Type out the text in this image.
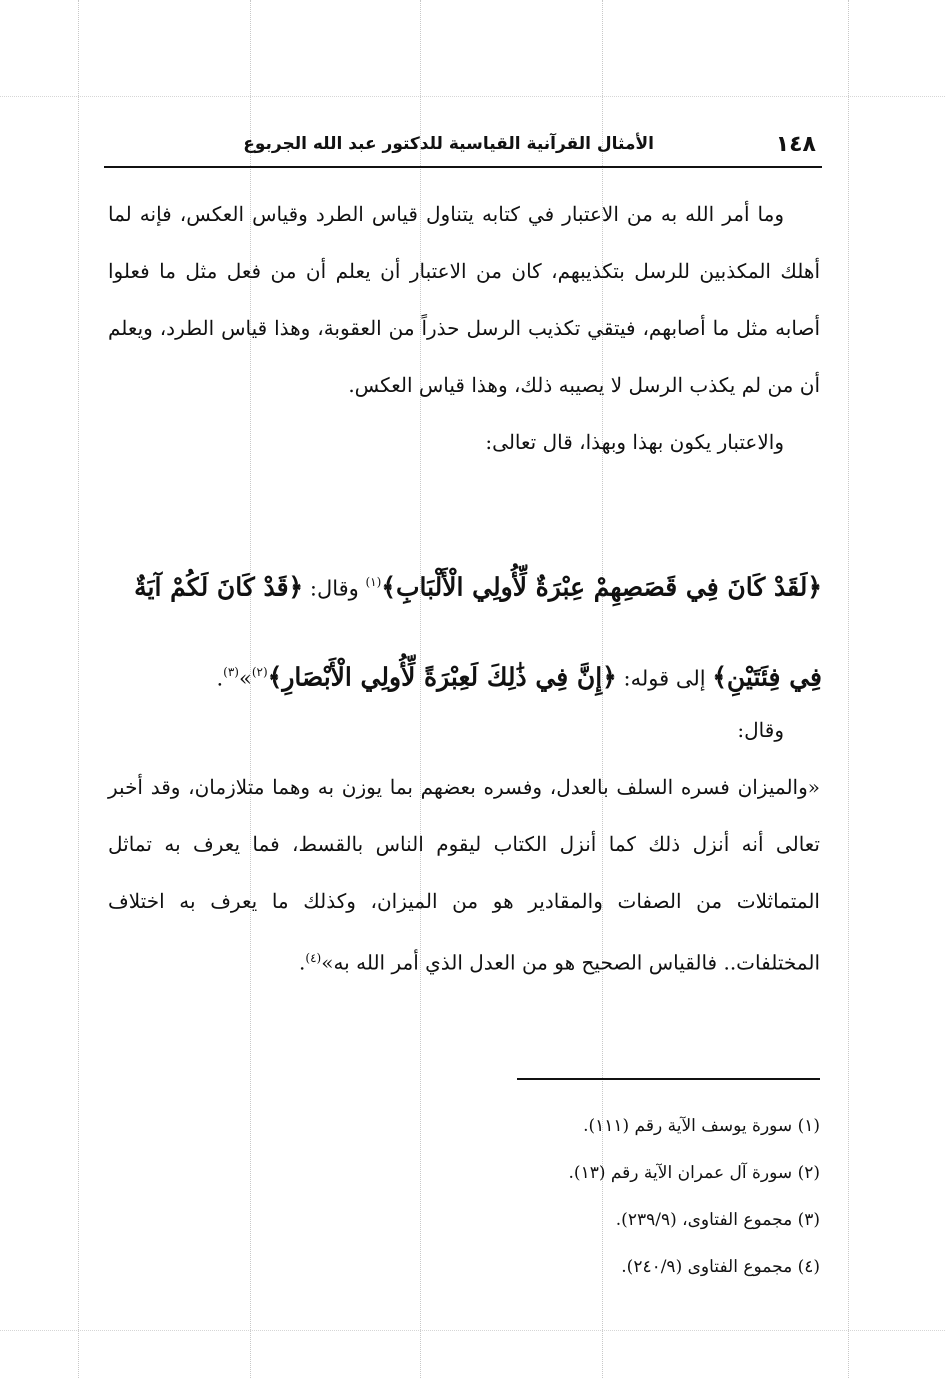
١٤٨
الأمثال القرآنية القياسية للدكتور عبد الله الجربوع

وما أمر الله به من الاعتبار في كتابه يتناول قياس الطرد وقياس العكس، فإنه لما أهلك المكذبين للرسل بتكذيبهم، كان من الاعتبار أن يعلم أن من فعل مثل ما فعلوا أصابه مثل ما أصابهم، فيتقي تكذيب الرسل حذراً من العقوبة، وهذا قياس الطرد، ويعلم أن من لم يكذب الرسل لا يصيبه ذلك، وهذا قياس العكس.

والاعتبار يكون بهذا وبهذا، قال تعالى:

﴿لَقَدْ كَانَ فِي قَصَصِهِمْ عِبْرَةٌ لِّأُولِي الْأَلْبَابِ﴾$^{(١)}$ وقال: ﴿قَدْ كَانَ لَكُمْ آيَةٌ فِي فِئَتَيْنِ﴾ إلى قوله: ﴿إِنَّ فِي ذَٰلِكَ لَعِبْرَةً لِّأُولِي الْأَبْصَارِ﴾$^{(٢)}$»$^{(٣)}$.

وقال:

«والميزان فسره السلف بالعدل، وفسره بعضهم بما يوزن به وهما متلازمان، وقد أخبر تعالى أنه أنزل ذلك كما أنزل الكتاب ليقوم الناس بالقسط، فما يعرف به تماثل المتماثلات من الصفات والمقادير هو من الميزان، وكذلك ما يعرف به اختلاف المختلفات.. فالقياس الصحيح هو من العدل الذي أمر الله به»$^{(٤)}$.

(١) سورة يوسف الآية رقم (١١١).

(٢) سورة آل عمران الآية رقم (١٣).

(٣) مجموع الفتاوى، (٢٣٩/٩).

(٤) مجموع الفتاوى (٢٤٠/٩).
